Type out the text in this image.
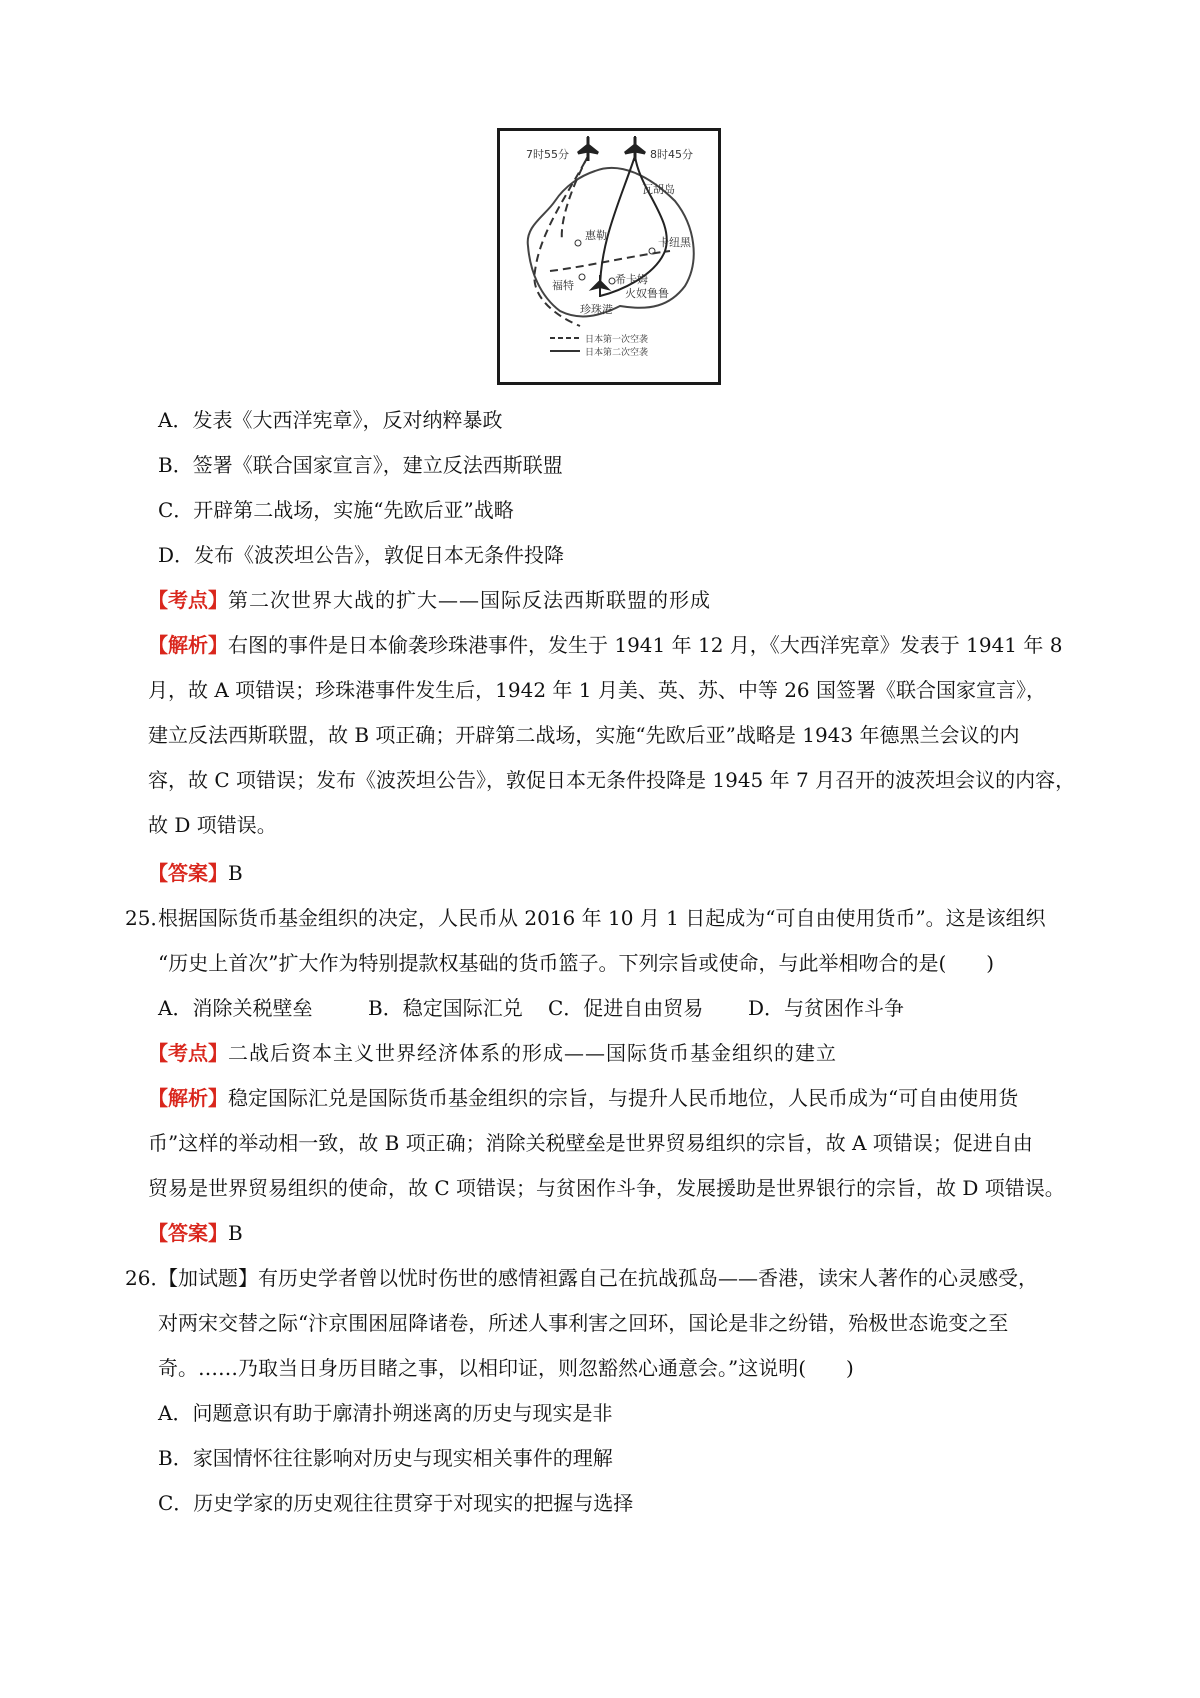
7时55分	8时45分
瓦胡岛
惠勒
卡纽黑
福特	希卡姆
火奴鲁鲁
珍珠港
日本第一次空袭
日本第二次空袭
A．发表《大西洋宪章》，反对纳粹暴政
B．签署《联合国家宣言》，建立反法西斯联盟
C．开辟第二战场，实施“先欧后亚”战略
D．发布《波茨坦公告》，敦促日本无条件投降
【考点】第二次世界大战的扩大——国际反法西斯联盟的形成
【解析】右图的事件是日本偷袭珍珠港事件，发生于 1941 年 12 月，《大西洋宪章》发表于 1941 年 8
月，故 A 项错误；珍珠港事件发生后，1942 年 1 月美、英、苏、中等 26 国签署《联合国家宣言》，
建立反法西斯联盟，故 B 项正确；开辟第二战场，实施“先欧后亚”战略是 1943 年德黑兰会议的内
容，故 C 项错误；发布《波茨坦公告》，敦促日本无条件投降是 1945 年 7 月召开的波茨坦会议的内容，
故 D 项错误。
【答案】B
25．
根据国际货币基金组织的决定，人民币从 2016 年 10 月 1 日起成为“可自由使用货币”。这是该组织
“历史上首次”扩大作为特别提款权基础的货币篮子。下列宗旨或使命，与此举相吻合的是(　　)
A．消除关税壁垒	B．稳定国际汇兑 C．促进自由贸易 D．与贫困作斗争
【考点】二战后资本主义世界经济体系的形成——国际货币基金组织的建立
【解析】稳定国际汇兑是国际货币基金组织的宗旨，与提升人民币地位，人民币成为“可自由使用货
币”这样的举动相一致，故 B 项正确；消除关税壁垒是世界贸易组织的宗旨，故 A 项错误；促进自由
贸易是世界贸易组织的使命，故 C 项错误；与贫困作斗争，发展援助是世界银行的宗旨，故 D 项错误。
【答案】B
26．
【加试题】有历史学者曾以忧时伤世的感情袒露自己在抗战孤岛——香港，读宋人著作的心灵感受，
对两宋交替之际“汴京围困屈降诸卷，所述人事利害之回环，国论是非之纷错，殆极世态诡变之至
奇。……乃取当日身历目睹之事，以相印证，则忽豁然心通意会。”这说明(　　)
A．问题意识有助于廓清扑朔迷离的历史与现实是非
B．家国情怀往往影响对历史与现实相关事件的理解
C．历史学家的历史观往往贯穿于对现实的把握与选择
